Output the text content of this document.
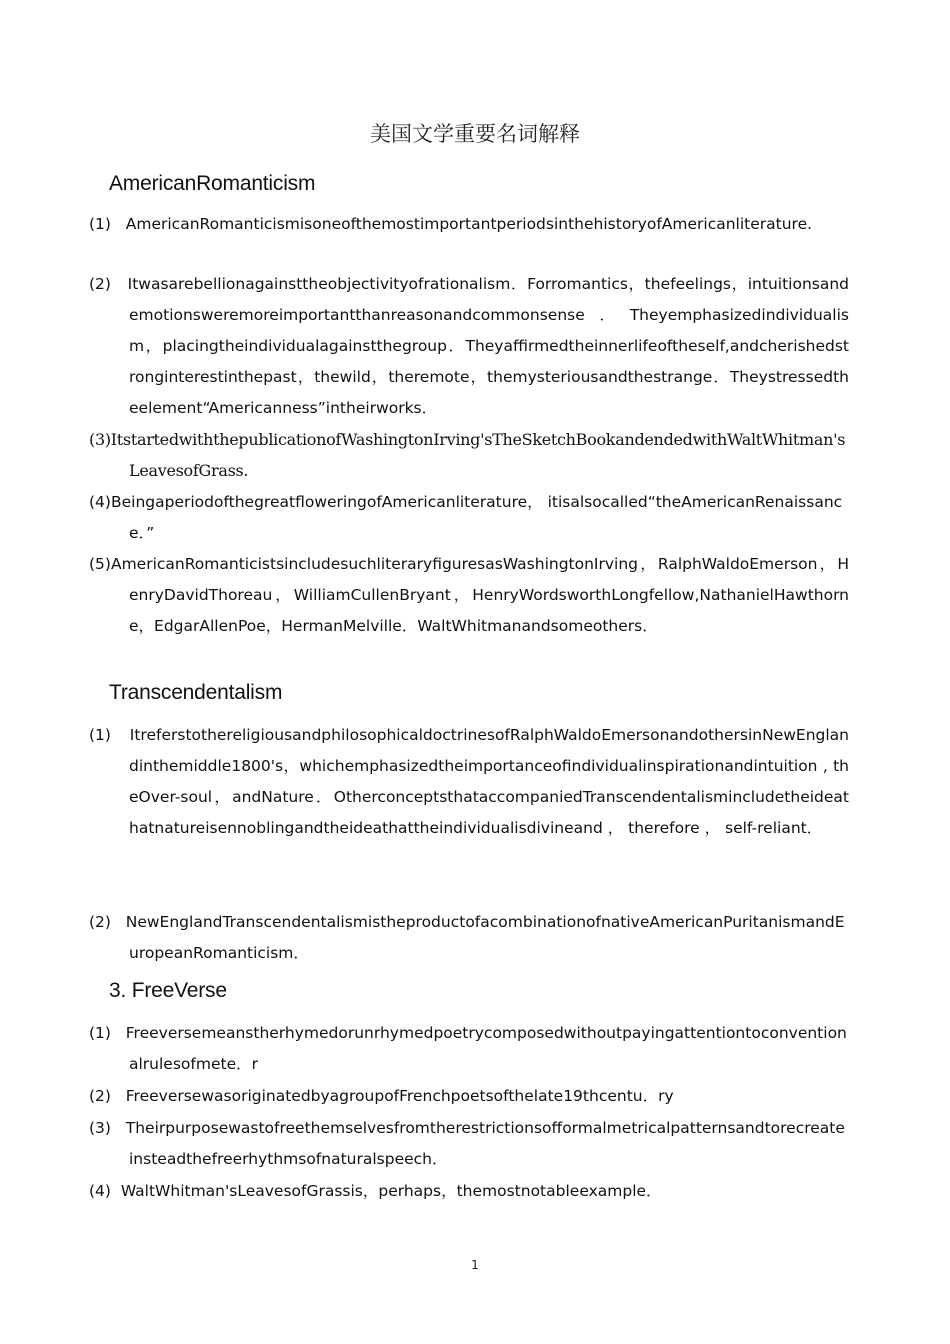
美国文学重要名词解释
AmericanRomanticism
(1) AmericanRomanticismisoneofthemostimportantperiodsinthehistoryofAmericanliterature.
(2) Itwasarebellionagainsttheobjectivityofrationalism．Forromantics，thefeelings，intuitionsandemotionsweremoreimportantthanreasonandcommonsense．Theyemphasizedindividualism，placingtheindividualagainstthegroup．Theyaffirmedtheinnerlifeoftheself,andcherishedstronginterestinthepast，thewild，theremote，themysteriousandthestrange．Theystressedtheelement“Americanness”intheirworks．
(3)ItstartedwiththepublicationofWashingtonIrving'sTheSketchBookandendedwithWaltWhitman'sLeavesofGrass.
(4)Beingaperiodofthegreatfloweringof​Americanliterature， itisalsocalled“theAmericanRenaissance．”
(5)AmericanRomanticistsincludesuchliteraryfiguresasWashingtonIrving，RalphWaldoEmerson，HenryDavidThoreau，WilliamCullenBryant，HenryWordsworthLongfellow,NathanielHawthorne，EdgarAllenPoe，HermanMelville．WaltWhitmanandsomeothers．
Transcendentalism
(1) ItreferstothereligiousandphilosophicaldoctrinesofRalphWaldoEmersonandothersinNewEnglandinthemiddle1800's，whichemphasizedtheimportanceofindividualinspirationandintuition , theOver-soul，andNature．OtherconceptsthataccompaniedTranscendentalismincludetheideathatnatureisennoblingandtheideathattheindividualisdivineand ， therefore ， self-reliant．
(2) NewEnglandTranscendentalismistheproductofacombinationofnativeAmericanPuritanismandEuropeanRomanticism．
3. FreeVerse
(1) Freeversemeanstherhymedorunrhymedpoetrycomposedwithoutpayingattentiontoconventionalrulesofmete．r
(2) FreeversewasoriginatedbyagroupofFrenchpoetsofthelate19thcentu．ry
(3) Theirpurposewastofreethemselvesfromtherestrictionsofformalmetricalpatternsandtorecreateinsteadthefreerhythmsofnaturalspeech．
(4) WaltWhitman'sLeavesofGrassis，perhaps，themostnotableexample．
1
